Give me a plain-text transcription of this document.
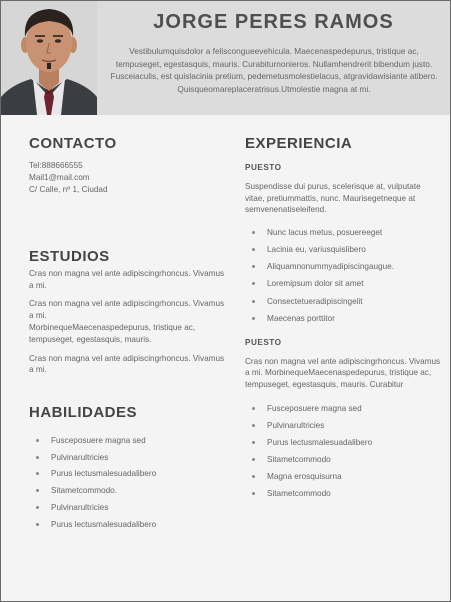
JORGE PERES RAMOS
Vestibulumquisdolor a feliscongueevehicula. Maecenaspedepurus, tristique ac, tempuseget, egestasquis, mauris. Curabiturnonieros. Nullamhendrerit bibendum justo. Fusceiaculis, est quislacinia pretium, pedemetusmolestielacus, atgravidawisiante atibero. Quisqueomareplaceratrisus.Utmolestie magna at mi.
CONTACTO

Tel:888666555

Mail1@mail.com

C/ Calle, nº 1, Ciudad

ESTUDIOS

Cras non magna vel ante adipiscingrhoncus. Vivamus a mi.

Cras non magna vel ante adipiscingrhoncus. Vivamus a mi.

MorbinequeMaecenaspedepurus, tristique ac, tempuseget, egestasquis, mauris.

Cras non magna vel ante adipiscingrhoncus. Vivamus a mi.

HABILIDADES
Fusceposuere magna sed
Pulvinarultricies
Purus lectusmalesuadalibero
Sitametcommodo.
Pulvinarultricies
Purus lectusmalesuadalibero
EXPERIENCIA

PUESTO

Suspendisse dui purus, scelerisque at, vulputate vitae, pretiummattis, nunc. Maurisegetneque at semvenenatiseleifend.

Nunc lacus metus, posuereeget
Lacinia eu, variusquislibero
Aliquamnonummyadipiscingaugue.
Loremipsum dolor sit amet
Consectetueradipiscingelit
Maecenas porttitor

PUESTO

Cras non magna vel ante adipiscingrhoncus. Vivamus a mi. MorbinequeMaecenaspedepurus, tristique ac, tempuseget, egestasquis, mauris. Curabitur

Fusceposuere magna sed
Pulvinarultricies
Purus lectusmalesuadalibero
Sitametcommodo
Magna erosquisurna
Sitametcommodo
